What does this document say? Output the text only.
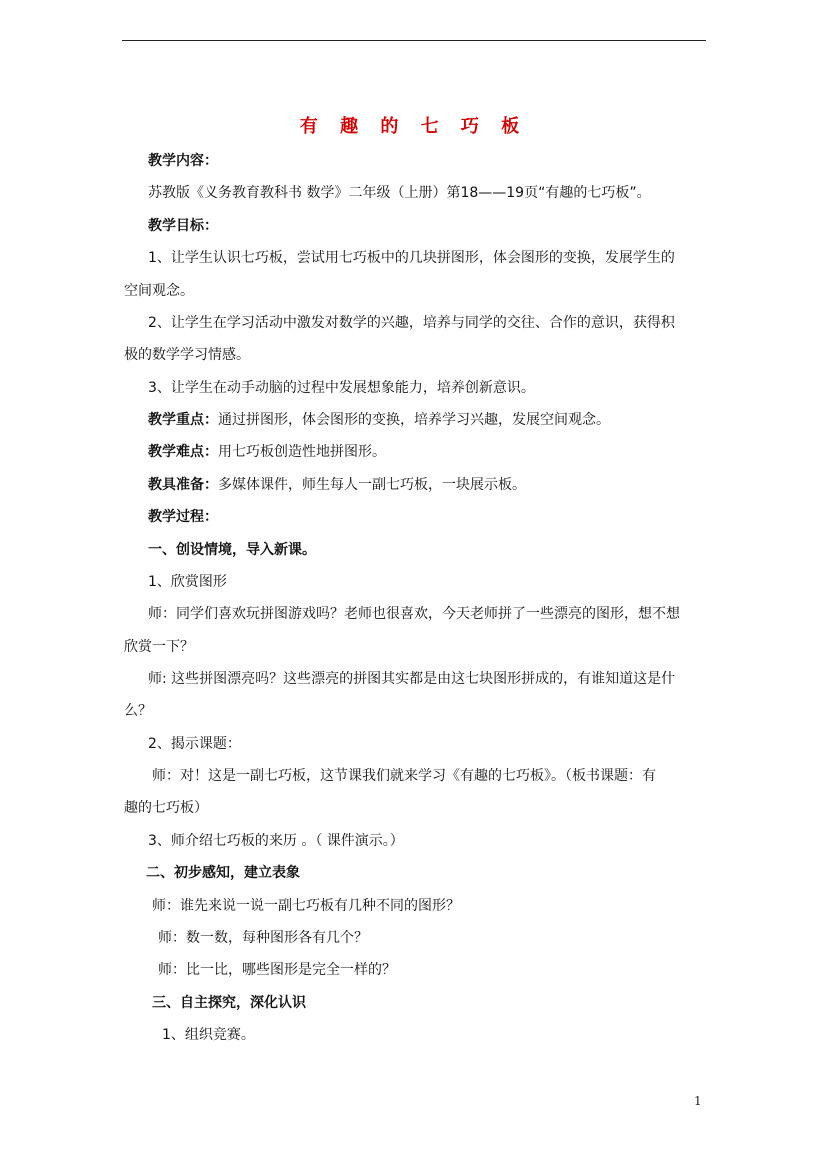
有 趣 的 七 巧 板
教学内容：
苏教版《义务教育教科书 数学》二年级（上册）第18——19页“有趣的七巧板”。
教学目标：
1、让学生认识七巧板，尝试用七巧板中的几块拼图形，体会图形的变换，发展学生的
空间观念。
2、让学生在学习活动中激发对数学的兴趣，培养与同学的交往、合作的意识，获得积
极的数学学习情感。
3、让学生在动手动脑的过程中发展想象能力，培养创新意识。
教学重点：通过拼图形，体会图形的变换，培养学习兴趣，发展空间观念。
教学难点：用七巧板创造性地拼图形。
教具准备：多媒体课件，师生每人一副七巧板，一块展示板。
教学过程：
一、创设情境，导入新课。
1、欣赏图形
师：同学们喜欢玩拼图游戏吗？老师也很喜欢，今天老师拼了一些漂亮的图形，想不想
欣赏一下？
师: 这些拼图漂亮吗？这些漂亮的拼图其实都是由这七块图形拼成的，有谁知道这是什
么？
2、揭示课题：
师：对！这是一副七巧板，这节课我们就来学习《有趣的七巧板》。（板书课题：有
趣的七巧板）
3、师介绍七巧板的来历 。（ 课件演示。）
二、初步感知，建立表象
师：谁先来说一说一副七巧板有几种不同的图形？
师：数一数，每种图形各有几个？
师：比一比，哪些图形是完全一样的？
三、自主探究，深化认识
1、组织竞赛。
1
